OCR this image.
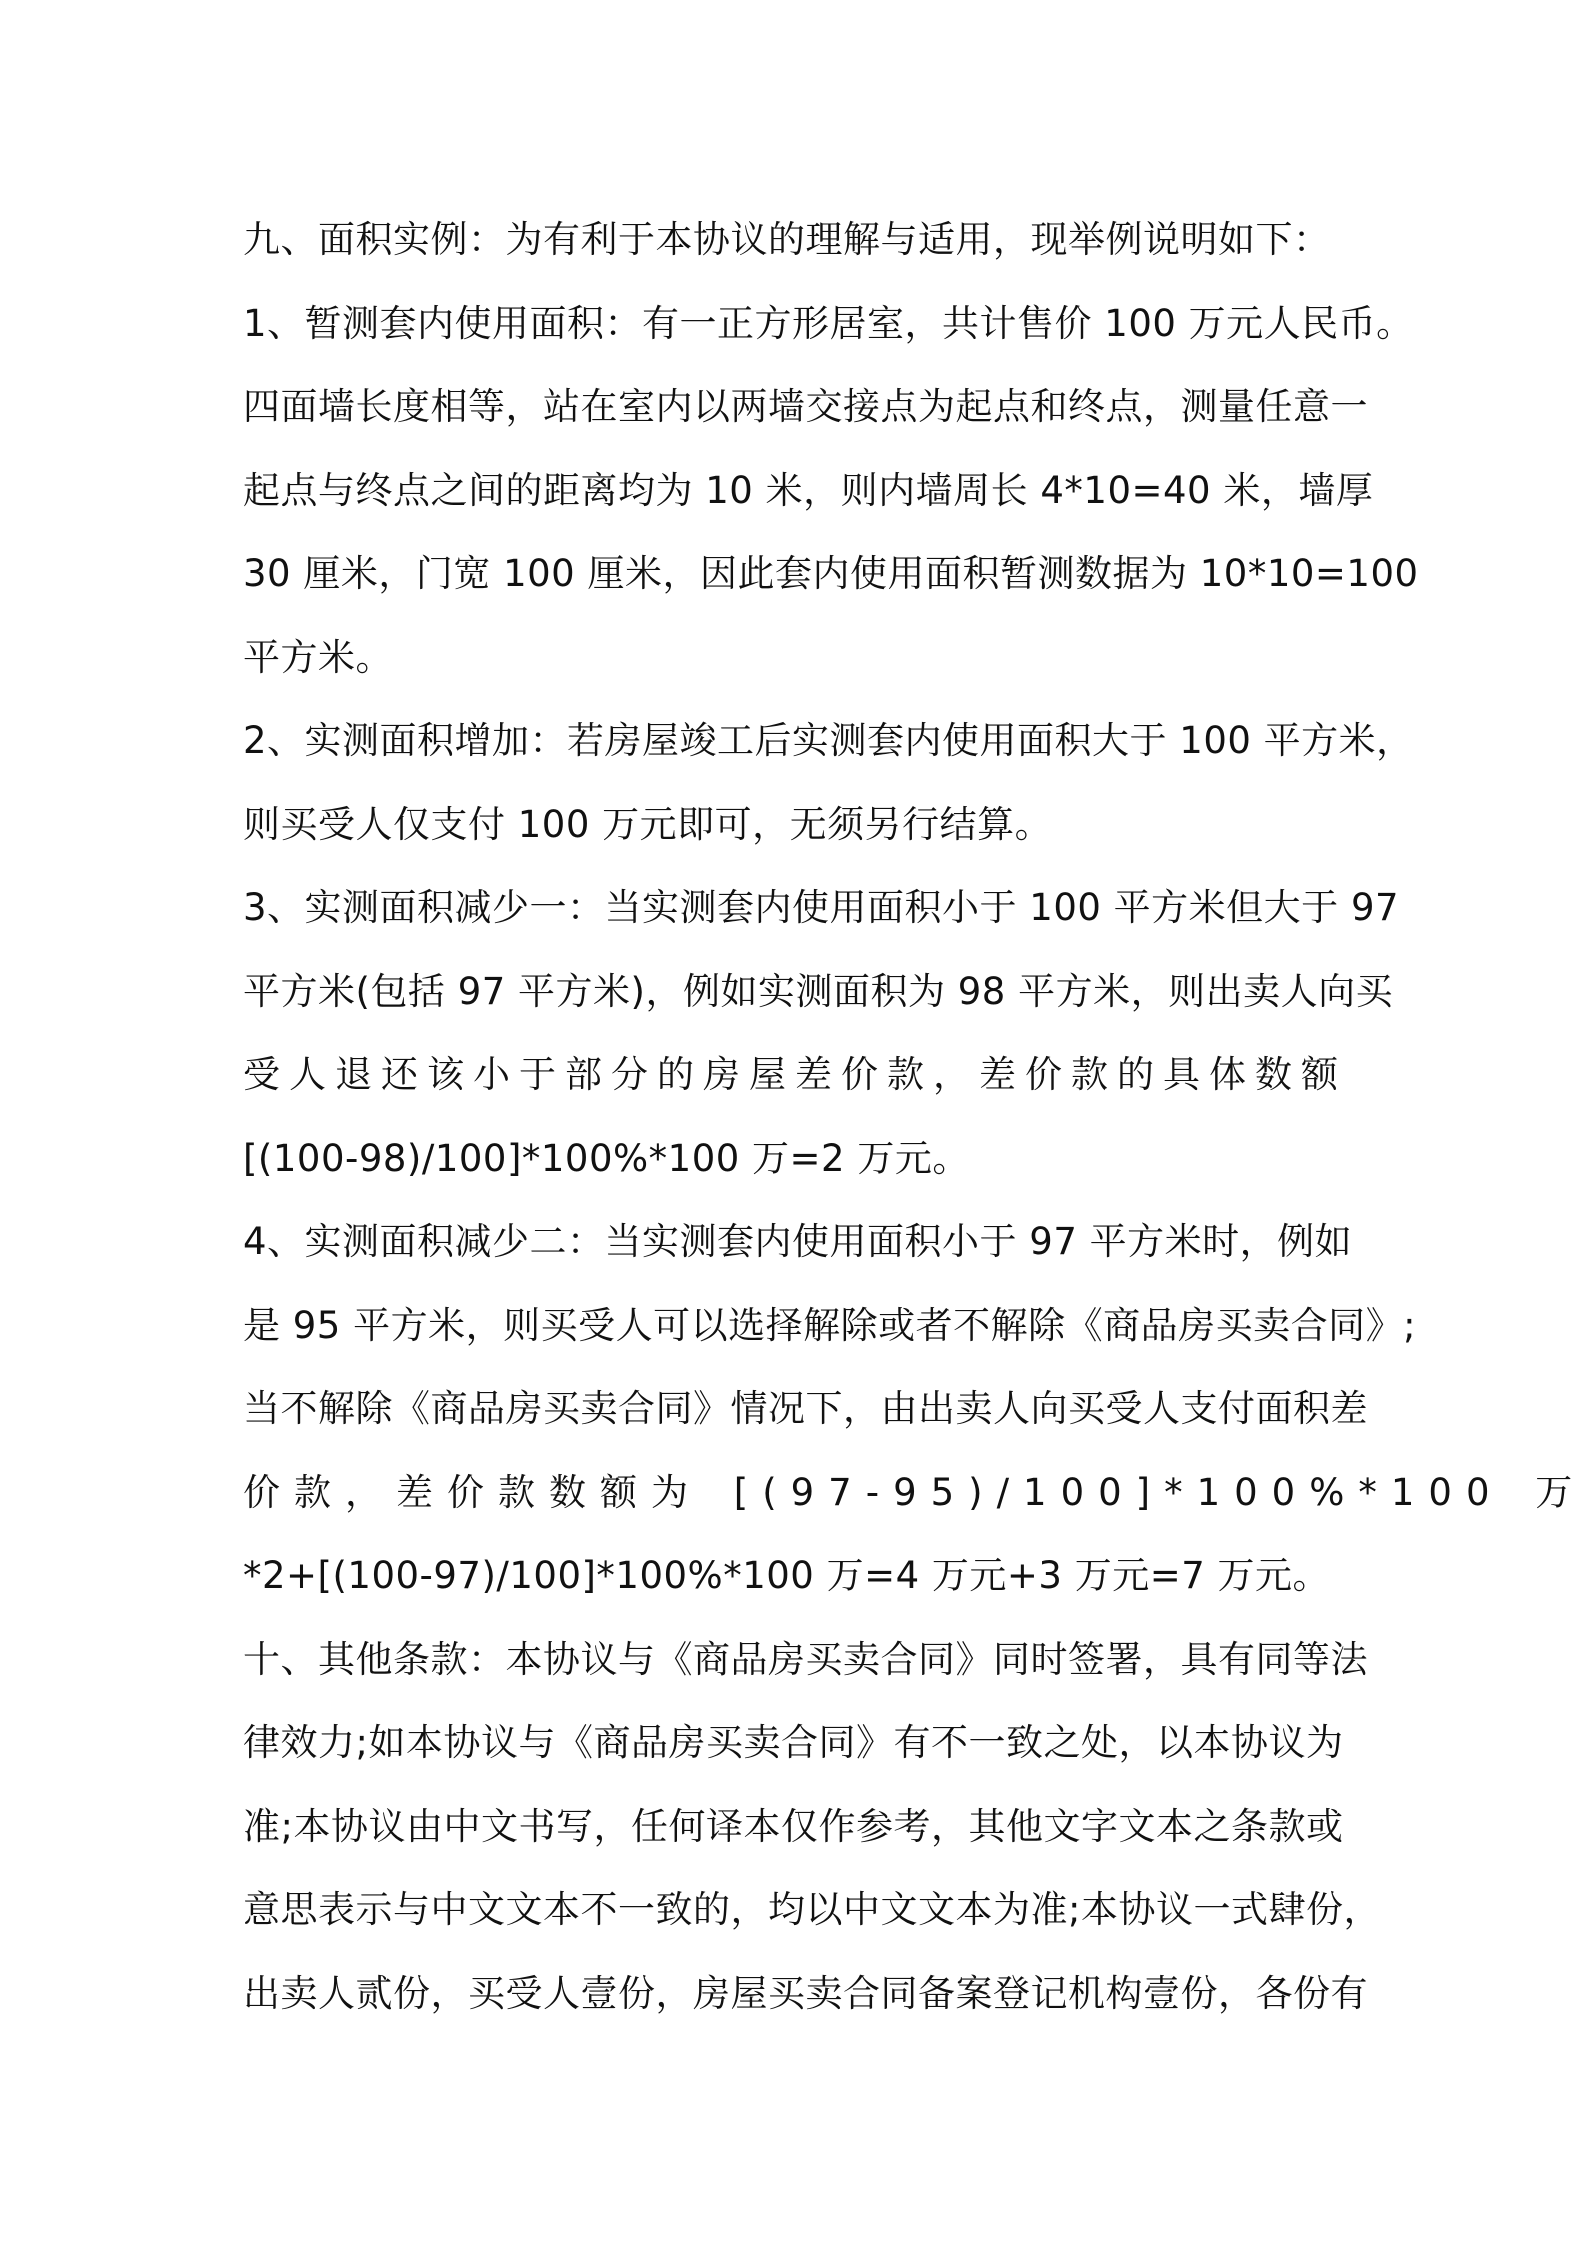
九、面积实例：为有利于本协议的理解与适用，现举例说明如下：
1、暂测套内使用面积：有一正方形居室，共计售价 100 万元人民币。
四面墙长度相等，站在室内以两墙交接点为起点和终点，测量任意一
起点与终点之间的距离均为 10 米，则内墙周长 4*10=40 米，墙厚
30 厘米，门宽 100 厘米，因此套内使用面积暂测数据为 10*10=100
平方米。
2、实测面积增加：若房屋竣工后实测套内使用面积大于 100 平方米，
则买受人仅支付 100 万元即可，无须另行结算。
3、实测面积减少一：当实测套内使用面积小于 100 平方米但大于 97
平方米(包括 97 平方米)，例如实测面积为 98 平方米，则出卖人向买
受人退还该小于部分的房屋差价款，差价款的具体数额
[(100-98)/100]*100%*100 万=2 万元。
4、实测面积减少二：当实测套内使用面积小于 97 平方米时，例如
是 95 平方米，则买受人可以选择解除或者不解除《商品房买卖合同》;
当不解除《商品房买卖合同》情况下，由出卖人向买受人支付面积差
价款，差价款数额为 [(97-95)/100]*100%*100 万
*2+[(100-97)/100]*100%*100 万=4 万元+3 万元=7 万元。
十、其他条款：本协议与《商品房买卖合同》同时签署，具有同等法
律效力;如本协议与《商品房买卖合同》有不一致之处，以本协议为
准;本协议由中文书写，任何译本仅作参考，其他文字文本之条款或
意思表示与中文文本不一致的，均以中文文本为准;本协议一式肆份，
出卖人贰份，买受人壹份，房屋买卖合同备案登记机构壹份，各份有
